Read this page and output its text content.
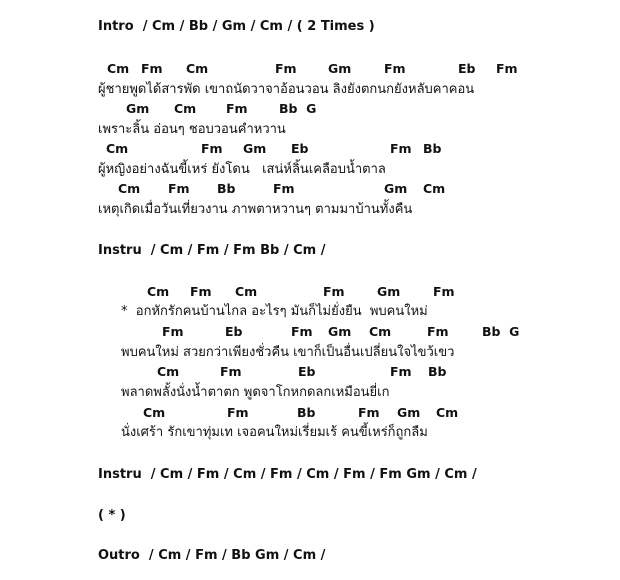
Intro  / Cm / Bb / Gm / Cm / ( 2 Times )
Cm Fm Cm	Fm	Gm	Fm	Eb Fm
ผู้ชายพูดได้สารพัด เขาถนัดวาจาอ้อนวอน ลิงยังตกนกยังหลับคาคอน
Gm Cm Fm	Bb  G
เพราะลิ้น อ่อนๆ ชอบวอนคำหวาน
Cm	Fm Gm Eb	Fm Bb
ผู้หญิงอย่างฉันขี้เหร่ ยังโดน   เสน่ห์ลิ้นเคลือบน้ำตาล
Cm Fm Bb	Fm	Gm Cm
เหตุเกิดเมื่อวันเที่ยวงาน ภาพตาหวานๆ ตามมาบ้านทั้งคืน
Instru  / Cm / Fm / Fm Bb / Cm /
Cm Fm Cm	Fm	Gm	Fm
*  อกหักรักคนบ้านไกล อะไรๆ มันก็ไม่ยั่งยืน  พบคนใหม่
Fm	Eb	Fm Gm Cm	Fm	Bb  G
พบคนใหม่ สวยกว่าเพียงชั่วคืน เขาก็เป็นอื่นเปลี่ยนใจไขว้เขว
Cm	Fm	Eb	Fm Bb
พลาดพลั้งนั่งน้ำตาตก พูดจาโกหกดลกเหมือนยี่เก
Cm	Fm	Bb	Fm Gm Cm
นั่งเศร้า รักเขาทุ่มเท เจอคนใหม่เรี่ยมเร้ คนขี้เหร่ก็ถูกลืม
Instru  / Cm / Fm / Cm / Fm / Cm / Fm / Fm Gm / Cm /
( * )
Outro  / Cm / Fm / Bb Gm / Cm /
